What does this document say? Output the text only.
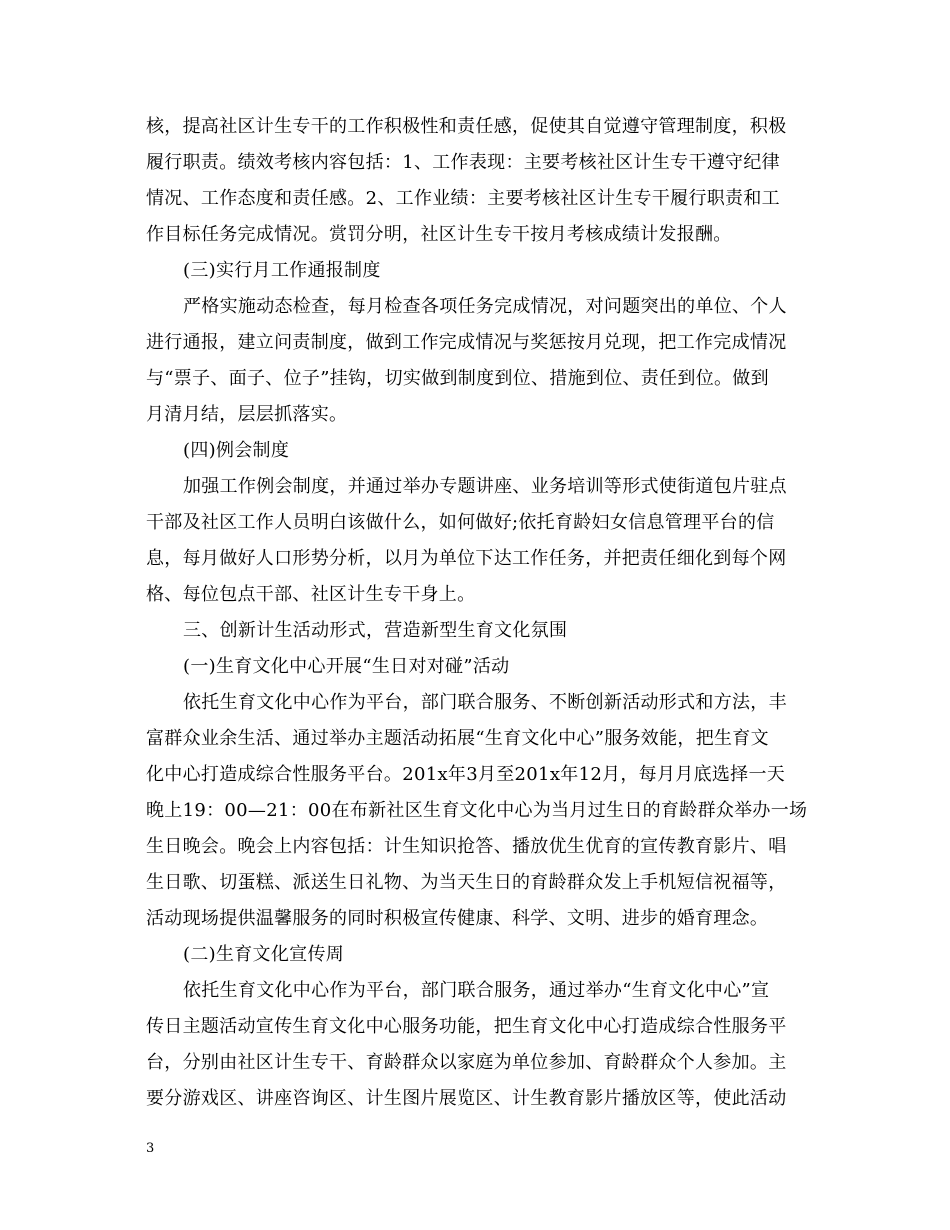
核，提高社区计生专干的工作积极性和责任感，促使其自觉遵守管理制度，积极
履行职责。绩效考核内容包括：1、工作表现：主要考核社区计生专干遵守纪律
情况、工作态度和责任感。2、工作业绩：主要考核社区计生专干履行职责和工
作目标任务完成情况。赏罚分明，社区计生专干按月考核成绩计发报酬。
(三)实行月工作通报制度
严格实施动态检查，每月检查各项任务完成情况，对问题突出的单位、个人
进行通报，建立问责制度，做到工作完成情况与奖惩按月兑现，把工作完成情况
与“票子、面子、位子”挂钩，切实做到制度到位、措施到位、责任到位。做到
月清月结，层层抓落实。
(四)例会制度
加强工作例会制度，并通过举办专题讲座、业务培训等形式使街道包片驻点
干部及社区工作人员明白该做什么，如何做好;依托育龄妇女信息管理平台的信
息，每月做好人口形势分析，以月为单位下达工作任务，并把责任细化到每个网
格、每位包点干部、社区计生专干身上。
三、创新计生活动形式，营造新型生育文化氛围
(一)生育文化中心开展“生日对对碰”活动
依托生育文化中心作为平台，部门联合服务、不断创新活动形式和方法，丰
富群众业余生活、通过举办主题活动拓展“生育文化中心”服务效能，把生育文
化中心打造成综合性服务平台。201x年3月至201x年12月，每月月底选择一天
晚上19：00—21：00在布新社区生育文化中心为当月过生日的育龄群众举办一场
生日晚会。晚会上内容包括：计生知识抢答、播放优生优育的宣传教育影片、唱
生日歌、切蛋糕、派送生日礼物、为当天生日的育龄群众发上手机短信祝福等，
活动现场提供温馨服务的同时积极宣传健康、科学、文明、进步的婚育理念。
(二)生育文化宣传周
依托生育文化中心作为平台，部门联合服务，通过举办“生育文化中心”宣
传日主题活动宣传生育文化中心服务功能，把生育文化中心打造成综合性服务平
台，分别由社区计生专干、育龄群众以家庭为单位参加、育龄群众个人参加。主
要分游戏区、讲座咨询区、计生图片展览区、计生教育影片播放区等，使此活动
3
